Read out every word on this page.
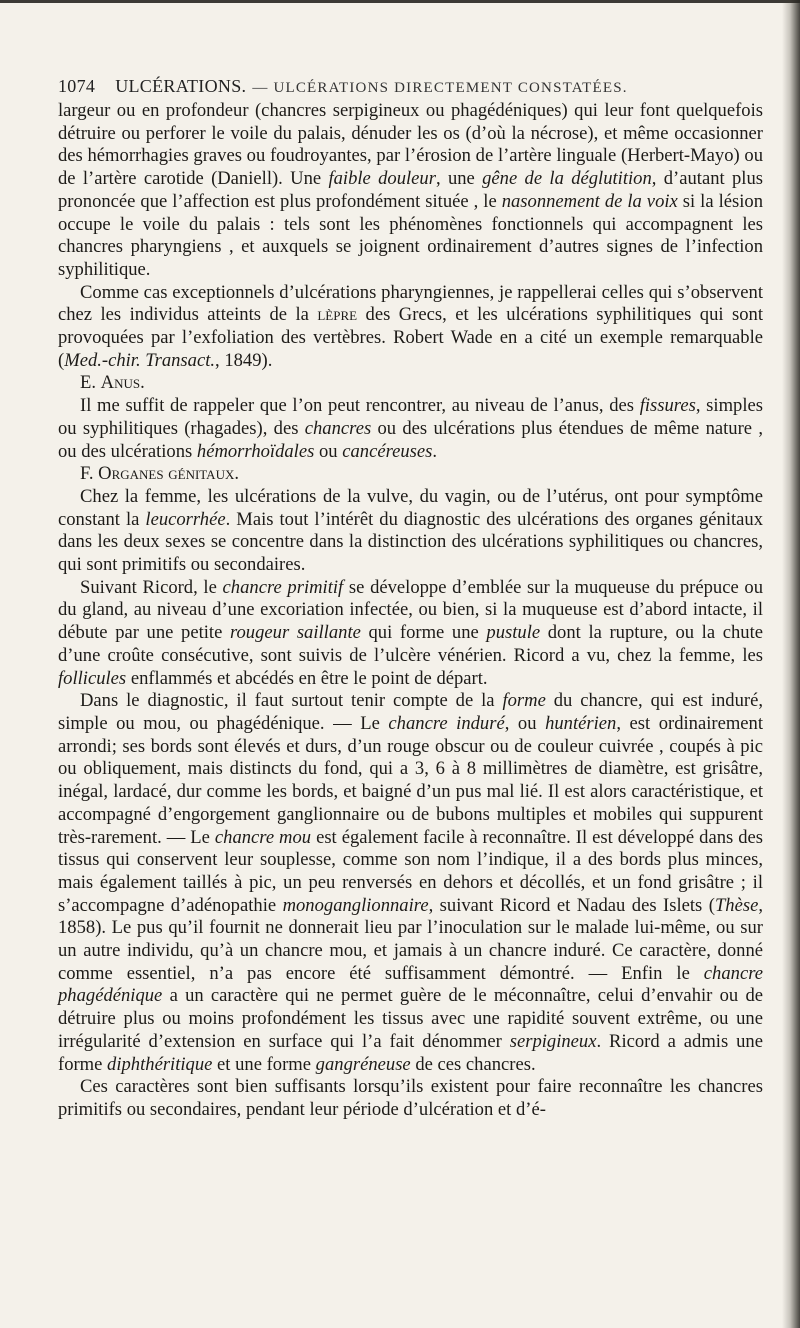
1074 ULCÉRATIONS. — ULCÉRATIONS DIRECTEMENT CONSTATÉES.

largeur ou en profondeur (chancres serpigineux ou phagédéniques) qui leur font quelquefois détruire ou perforer le voile du palais, dénuder les os (d’où la nécrose), et même occasionner des hémorrhagies graves ou foudroyantes, par l’érosion de l’artère linguale (Herbert-Mayo) ou de l’artère carotide (Daniell). Une faible douleur, une gêne de la déglutition, d’autant plus prononcée que l’affection est plus profondément située , le nasonnement de la voix si la lésion occupe le voile du palais : tels sont les phénomènes fonctionnels qui accompagnent les chancres pharyngiens , et auxquels se joignent ordinairement d’autres signes de l’infection syphilitique.

Comme cas exceptionnels d’ulcérations pharyngiennes, je rappellerai celles qui s’observent chez les individus atteints de la lèpre des Grecs, et les ulcérations syphilitiques qui sont provoquées par l’exfoliation des vertèbres. Robert Wade en a cité un exemple remarquable (Med.-chir. Transact., 1849).

E. Anus.

Il me suffit de rappeler que l’on peut rencontrer, au niveau de l’anus, des fissures, simples ou syphilitiques (rhagades), des chancres ou des ulcérations plus étendues de même nature , ou des ulcérations hémorrhoïdales ou cancéreuses.

F. Organes génitaux.

Chez la femme, les ulcérations de la vulve, du vagin, ou de l’utérus, ont pour symptôme constant la leucorrhée. Mais tout l’intérêt du diagnostic des ulcérations des organes génitaux dans les deux sexes se concentre dans la distinction des ulcérations syphilitiques ou chancres, qui sont primitifs ou secondaires.

Suivant Ricord, le chancre primitif se développe d’emblée sur la muqueuse du prépuce ou du gland, au niveau d’une excoriation infectée, ou bien, si la muqueuse est d’abord intacte, il débute par une petite rougeur saillante qui forme une pustule dont la rupture, ou la chute d’une croûte consécutive, sont suivis de l’ulcère vénérien. Ricord a vu, chez la femme, les follicules enflammés et abcédés en être le point de départ.

Dans le diagnostic, il faut surtout tenir compte de la forme du chancre, qui est induré, simple ou mou, ou phagédénique. — Le chancre induré, ou huntérien, est ordinairement arrondi; ses bords sont élevés et durs, d’un rouge obscur ou de couleur cuivrée , coupés à pic ou obliquement, mais distincts du fond, qui a 3, 6 à 8 millimètres de diamètre, est grisâtre, inégal, lardacé, dur comme les bords, et baigné d’un pus mal lié. Il est alors caractéristique, et accompagné d’engorgement ganglionnaire ou de bubons multiples et mobiles qui suppurent très-rarement. — Le chancre mou est également facile à reconnaître. Il est développé dans des tissus qui conservent leur souplesse, comme son nom l’indique, il a des bords plus minces, mais également taillés à pic, un peu renversés en dehors et décollés, et un fond grisâtre ; il s’accompagne d’adénopathie monoganglionnaire, suivant Ricord et Nadau des Islets (Thèse, 1858). Le pus qu’il fournit ne donnerait lieu par l’inoculation sur le malade lui-même, ou sur un autre individu, qu’à un chancre mou, et jamais à un chancre induré. Ce caractère, donné comme essentiel, n’a pas encore été suffisamment démontré. — Enfin le chancre phagédénique a un caractère qui ne permet guère de le méconnaître, celui d’envahir ou de détruire plus ou moins profondément les tissus avec une rapidité souvent extrême, ou une irrégularité d’extension en surface qui l’a fait dénommer serpigineux. Ricord a admis une forme diphthéritique et une forme gangréneuse de ces chancres.

Ces caractères sont bien suffisants lorsqu’ils existent pour faire reconnaître les chancres primitifs ou secondaires, pendant leur période d’ulcération et d’é-
